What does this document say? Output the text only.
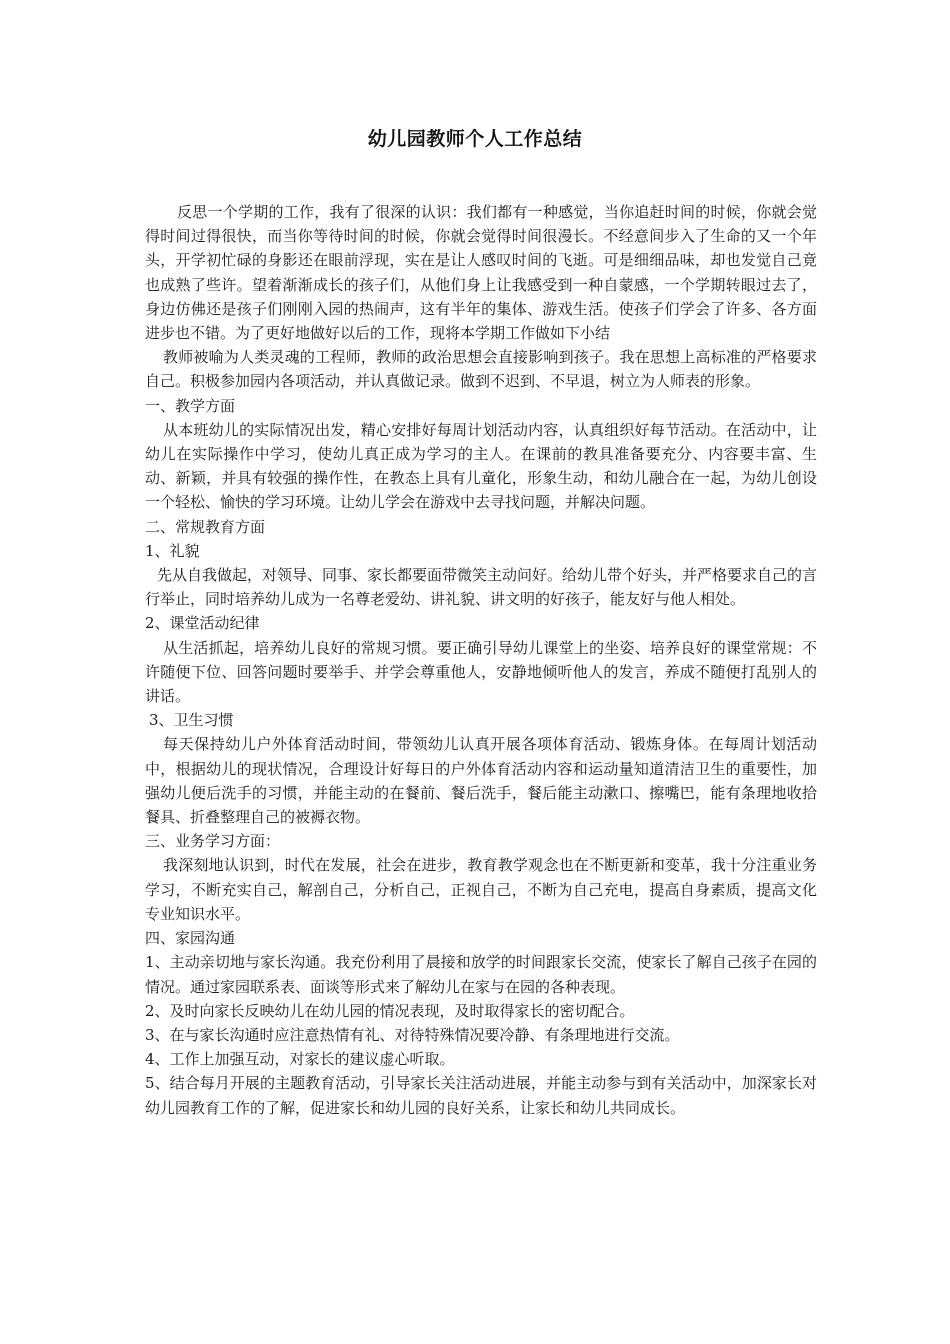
幼儿园教师个人工作总结

反思一个学期的工作，我有了很深的认识：我们都有一种感觉，当你追赶时间的时候，你就会觉得时间过得很快，而当你等待时间的时候，你就会觉得时间很漫长。不经意间步入了生命的又一个年头，开学初忙碌的身影还在眼前浮现，实在是让人感叹时间的飞逝。可是细细品味，却也发觉自己竟也成熟了些许。望着渐渐成长的孩子们，从他们身上让我感受到一种自蒙感，一个学期转眼过去了，身边仿佛还是孩子们刚刚入园的热闹声，这有半年的集体、游戏生活。使孩子们学会了许多、各方面进步也不错。为了更好地做好以后的工作，现将本学期工作做如下小结

教师被喻为人类灵魂的工程师，教师的政治思想会直接影响到孩子。我在思想上高标准的严格要求自己。积极参加园内各项活动，并认真做记录。做到不迟到、不早退，树立为人师表的形象。

一、教学方面

从本班幼儿的实际情况出发，精心安排好每周计划活动内容，认真组织好每节活动。在活动中，让幼儿在实际操作中学习，使幼儿真正成为学习的主人。在课前的教具准备要充分、内容要丰富、生动、新颖，并具有较强的操作性，在教态上具有儿童化，形象生动，和幼儿融合在一起，为幼儿创设一个轻松、愉快的学习环境。让幼儿学会在游戏中去寻找问题，并解决问题。

二、常规教育方面

1、礼貌

先从自我做起，对领导、同事、家长都要面带微笑主动问好。给幼儿带个好头，并严格要求自己的言行举止，同时培养幼儿成为一名尊老爱幼、讲礼貌、讲文明的好孩子，能友好与他人相处。

2、课堂活动纪律

从生活抓起，培养幼儿良好的常规习惯。要正确引导幼儿课堂上的坐姿、培养良好的课堂常规：不许随便下位、回答问题时要举手、并学会尊重他人，安静地倾听他人的发言，养成不随便打乱别人的讲话。

3、卫生习惯

每天保持幼儿户外体育活动时间，带领幼儿认真开展各项体育活动、锻炼身体。在每周计划活动中，根据幼儿的现状情况，合理设计好每日的户外体育活动内容和运动量知道清洁卫生的重要性，加强幼儿便后洗手的习惯，并能主动的在餐前、餐后洗手，餐后能主动漱口、擦嘴巴，能有条理地收拾餐具、折叠整理自己的被褥衣物。

三、业务学习方面：

我深刻地认识到，时代在发展，社会在进步，教育教学观念也在不断更新和变革，我十分注重业务学习，不断充实自己，解剖自己，分析自己，正视自己，不断为自己充电，提高自身素质，提高文化专业知识水平。

四、家园沟通

1、主动亲切地与家长沟通。我充份利用了晨接和放学的时间跟家长交流，使家长了解自己孩子在园的情况。通过家园联系表、面谈等形式来了解幼儿在家与在园的各种表现。

2、及时向家长反映幼儿在幼儿园的情况表现，及时取得家长的密切配合。

3、在与家长沟通时应注意热情有礼、对待特殊情况要冷静、有条理地进行交流。

4、工作上加强互动，对家长的建议虚心听取。

5、结合每月开展的主题教育活动，引导家长关注活动进展，并能主动参与到有关活动中，加深家长对幼儿园教育工作的了解，促进家长和幼儿园的良好关系，让家长和幼儿共同成长。
